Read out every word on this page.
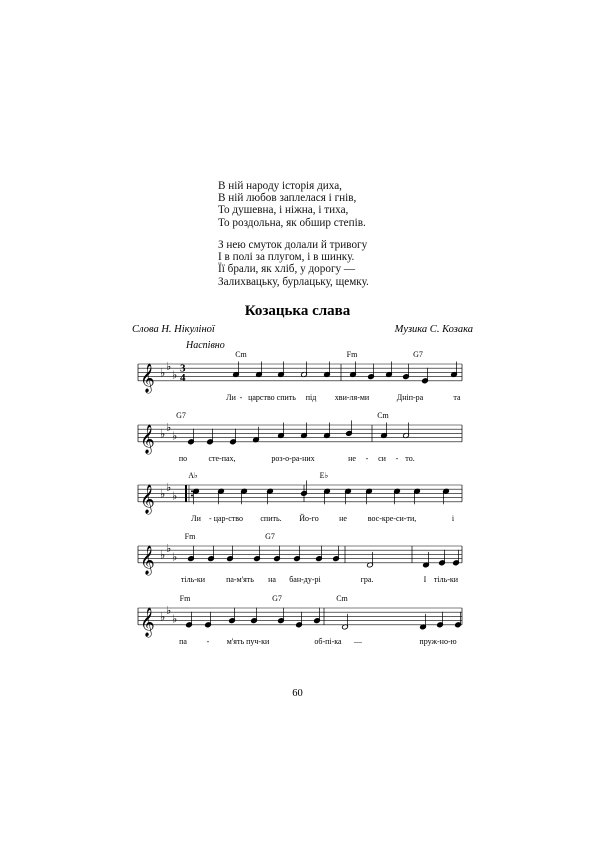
В ній народу історія диха,
В ній любов заплелася і гнів,
То душевна, і ніжна, і тиха,
То роздольна, як обшир степів.
З нею смуток долали й тривогу
І в полі за плугом, і в шинку.
Її брали, як хліб, у дорогу —
Залихвацьку, бурлацьку, щемку.
Козацька слава
Слова Н. Нікуліної	Музика С. Козака
Наспівно
𝄞 ♭ ♭
♭
3
4
Cm	Fm	G7
Ли - царство спить під хви-ля-ми	Дніп-ра	та
𝄞 ♭ ♭
♭
G7	Cm
по	сте-пах,	роз-о-ра-них	не - си - то.
𝄞 ♭ ♭
♭
A♭	E♭
Ли - цар-ство спить. Йо-го	не	вос-кре-си-ти,	і
𝄞 ♭ ♭
♭
Fm	G7
тіль-ки	па-м'ять на бан-ду-рі	гра.	І тіль-ки
𝄞 ♭ ♭
♭
Fm	G7	Cm
па - м'ять пуч-ки	об-пі-ка —	пруж-но-ю
60
